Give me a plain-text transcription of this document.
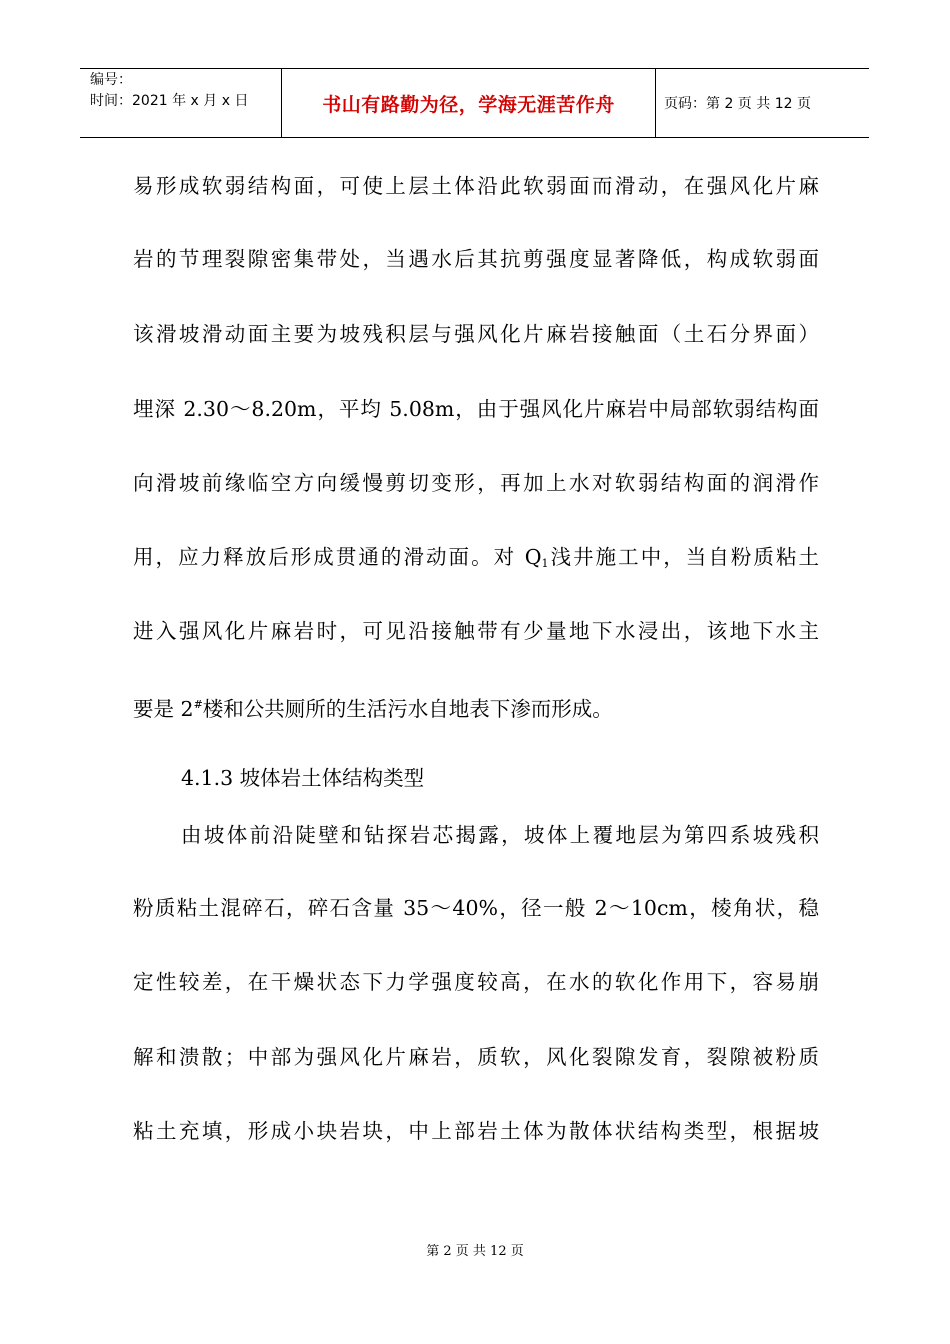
编号：
时间：2021 年 x 月 x 日	书山有路勤为径，学海无涯苦作舟	页码：第 2 页 共 12 页
易形成软弱结构面，可使上层土体沿此软弱面而滑动，在强风化片麻
岩的节理裂隙密集带处，当遇水后其抗剪强度显著降低，构成软弱面
该滑坡滑动面主要为坡残积层与强风化片麻岩接触面（土石分界面）
埋深 2.30～8.20m，平均 5.08m，由于强风化片麻岩中局部软弱结构面
向滑坡前缘临空方向缓慢剪切变形，再加上水对软弱结构面的润滑作
用，应力释放后形成贯通的滑动面。对 $Q_1$浅井施工中，当自粉质粘土
进入强风化片麻岩时，可见沿接触带有少量地下水浸出，该地下水主
要是 2#楼和公共厕所的生活污水自地表下渗而形成。
4.1.3 坡体岩土体结构类型
由坡体前沿陡壁和钻探岩芯揭露，坡体上覆地层为第四系坡残积
粉质粘土混碎石，碎石含量 35～40%，径一般 2～10cm，棱角状，稳
定性较差，在干燥状态下力学强度较高，在水的软化作用下，容易崩
解和溃散；中部为强风化片麻岩，质软，风化裂隙发育，裂隙被粉质
粘土充填，形成小块岩块，中上部岩土体为散体状结构类型，根据坡
第 2 页 共 12 页
